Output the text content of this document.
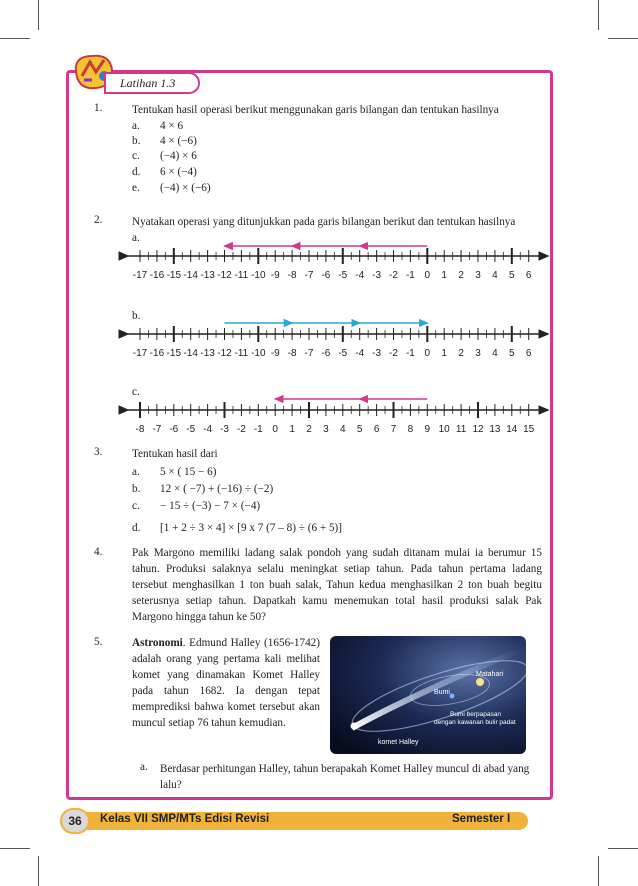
Latihan 1.3
1.	Tentukan hasil operasi berikut menggunakan garis bilangan dan tentukan hasilnya
a. 4 × 6
b. 4 × (−6)
c. (−4) × 6
d. 6 × (−4)
e. (−4) × (−6)
2.	Nyatakan operasi yang ditunjukkan pada garis bilangan berikut dan tentukan hasilnya
a.
b.
c.
-17 -16 -15 -14 -13 -12 -11 -10 -9 -8 -7 -6 -5 -4 -3 -2 -1 0 1 2 3 4 5 6
-17 -16 -15 -14 -13 -12 -11 -10 -9 -8 -7 -6 -5 -4 -3 -2 -1 0 1 2 3 4 5 6
-8 -7 -6 -5 -4 -3 -2 -1 0 1 2 3 4 5 6 7 8 9 10 11 12 13 14 15
3.	Tentukan hasil dari
a. 5 × ( 15 − 6)
b. 12 × ( −7) + (−16) ÷ (−2)
c. − 15 ÷ (−3) − 7 × (−4)
d. [1 + 2 ÷ 3 × 4] × [9 x 7 (7 – 8) ÷ (6 + 5)]
4.	Pak Margono memiliki ladang salak pondoh yang sudah ditanam mulai ia berumur 15 tahun. Produksi salaknya selalu meningkat setiap tahun. Pada tahun pertama ladang tersebut menghasilkan 1 ton buah salak, Tahun kedua menghasilkan 2 ton buah begitu seterusnya setiap tahun. Dapatkah kamu menemukan total hasil produksi salak Pak Margono hingga tahun ke 50?
5.	Astronomi. Edmund Halley (1656-1742) adalah orang yang pertama kali melihat komet yang dinamakan Komet Halley pada tahun 1682. Ia dengan tepat memprediksi bahwa komet tersebut akan muncul setiap 76 tahun kemudian.
Matahari
Bumi
Bumi berpapasan
dengan kawanan bulir padat
komet Halley
a. Berdasar perhitungan Halley, tahun berapakah Komet Halley muncul di abad yang lalu?
36	Kelas VII SMP/MTs Edisi Revisi	Semester I
